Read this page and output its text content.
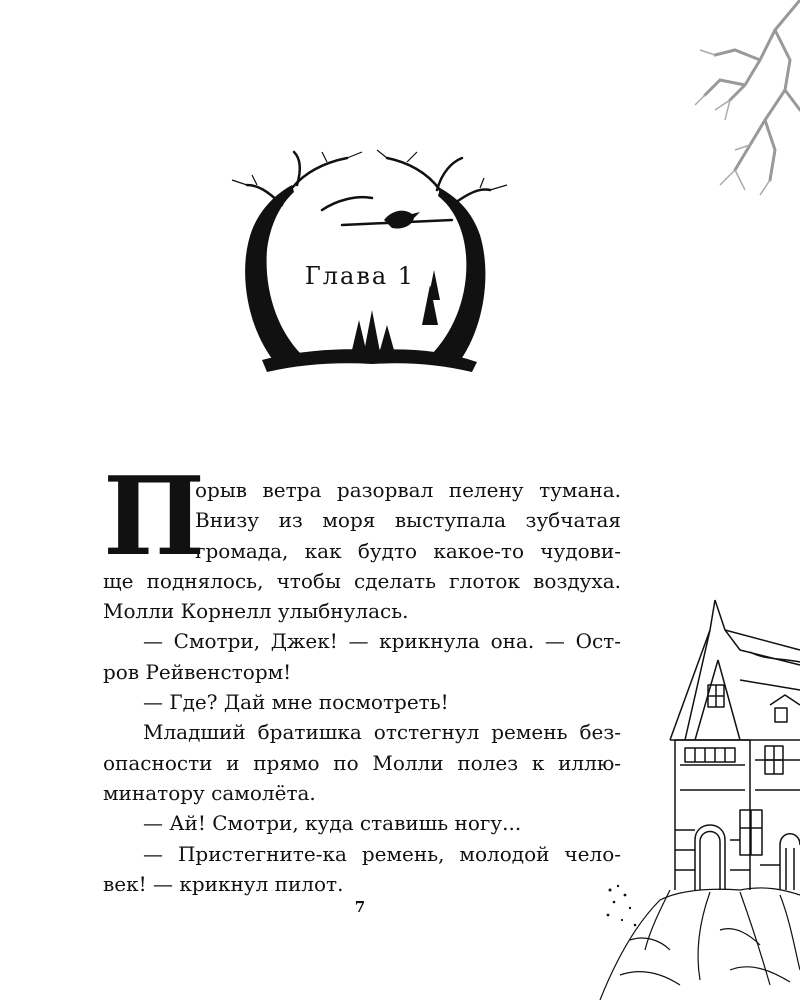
Глава 1
П
орыв ветра разорвал пелену тумана.
Внизу из моря выступала зубчатая
громада, как будто какое-то чудови-
ще поднялось, чтобы сделать глоток воздуха.
Молли Корнелл улыбнулась.
— Смотри, Джек! — крикнула она. — Ост-
ров Рейвенсторм!
— Где? Дай мне посмотреть!
Младший братишка отстегнул ремень без-
опасности и прямо по Молли полез к иллю-
минатору самолёта.
— Ай! Смотри, куда ставишь ногу...
— Пристегните-ка ремень, молодой чело-
век! — крикнул пилот.
7
